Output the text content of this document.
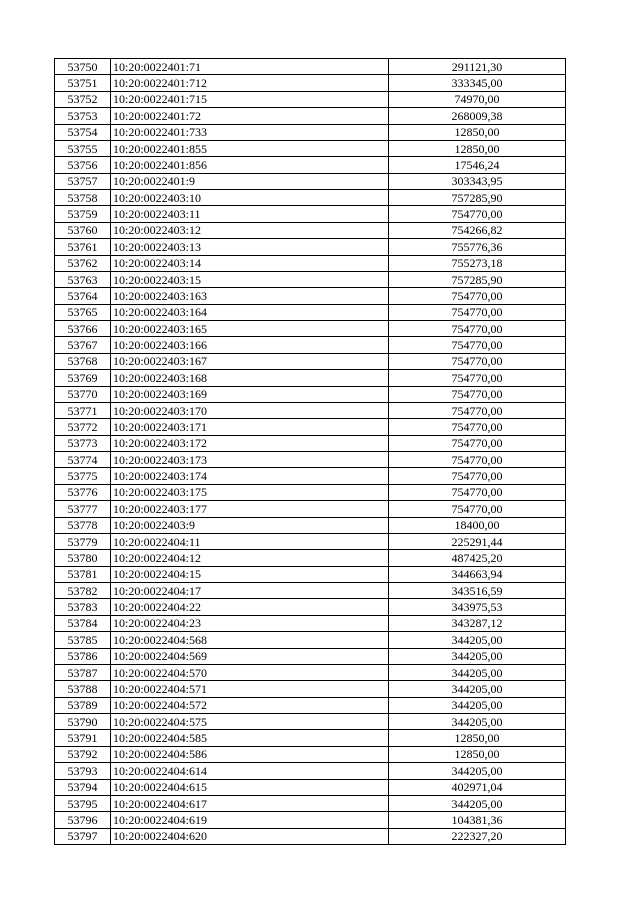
53750	10:20:0022401:71	291121,30
53751	10:20:0022401:712	333345,00
53752	10:20:0022401:715	74970,00
53753	10:20:0022401:72	268009,38
53754	10:20:0022401:733	12850,00
53755	10:20:0022401:855	12850,00
53756	10:20:0022401:856	17546,24
53757	10:20:0022401:9	303343,95
53758	10:20:0022403:10	757285,90
53759	10:20:0022403:11	754770,00
53760	10:20:0022403:12	754266,82
53761	10:20:0022403:13	755776,36
53762	10:20:0022403:14	755273,18
53763	10:20:0022403:15	757285,90
53764	10:20:0022403:163	754770,00
53765	10:20:0022403:164	754770,00
53766	10:20:0022403:165	754770,00
53767	10:20:0022403:166	754770,00
53768	10:20:0022403:167	754770,00
53769	10:20:0022403:168	754770,00
53770	10:20:0022403:169	754770,00
53771	10:20:0022403:170	754770,00
53772	10:20:0022403:171	754770,00
53773	10:20:0022403:172	754770,00
53774	10:20:0022403:173	754770,00
53775	10:20:0022403:174	754770,00
53776	10:20:0022403:175	754770,00
53777	10:20:0022403:177	754770,00
53778	10:20:0022403:9	18400,00
53779	10:20:0022404:11	225291,44
53780	10:20:0022404:12	487425,20
53781	10:20:0022404:15	344663,94
53782	10:20:0022404:17	343516,59
53783	10:20:0022404:22	343975,53
53784	10:20:0022404:23	343287,12
53785	10:20:0022404:568	344205,00
53786	10:20:0022404:569	344205,00
53787	10:20:0022404:570	344205,00
53788	10:20:0022404:571	344205,00
53789	10:20:0022404:572	344205,00
53790	10:20:0022404:575	344205,00
53791	10:20:0022404:585	12850,00
53792	10:20:0022404:586	12850,00
53793	10:20:0022404:614	344205,00
53794	10:20:0022404:615	402971,04
53795	10:20:0022404:617	344205,00
53796	10:20:0022404:619	104381,36
53797	10:20:0022404:620	222327,20
